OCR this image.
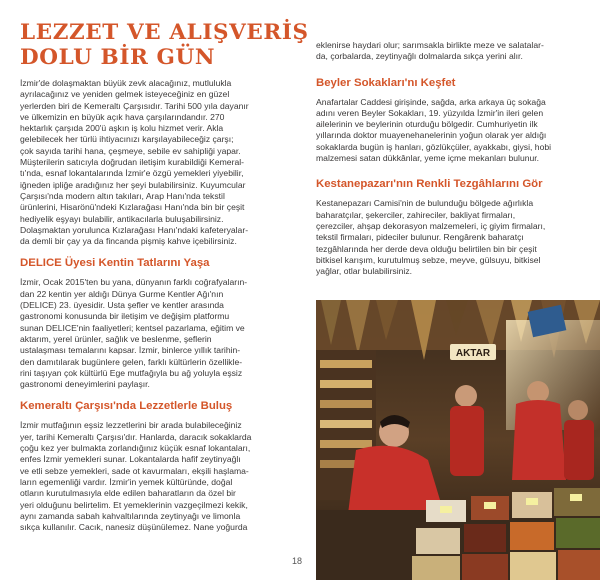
LEZZET VE ALIŞVERİŞ
DOLU BİR GÜN

İzmir'de dolaşmaktan büyük zevk alacağınız, mutlulukla
ayrılacağınız ve yeniden gelmek isteyeceğiniz en güzel
yerlerden biri de Kemeraltı Çarşısıdır. Tarihi 500 yıla dayanır
ve ülkemizin en büyük açık hava çarşılarındandır. 270
hektarlık çarşıda 200'ü aşkın iş kolu hizmet verir. Akla
gelebilecek her türlü ihtiyacınızı karşılayabileceğiz çarşı;
çok sayıda tarihi hana, çeşmeye, sebile ev sahipliği yapar.
Müşterilerin satıcıyla doğrudan iletişim kurabildiği Kemeral-
tı'nda, esnaf lokantalarında İzmir'e özgü yemekleri yiyebilir,
iğneden ipliğe aradığınız her şeyi bulabilirsiniz. Kuyumcular
Çarşısı'nda modern altın takıları, Arap Hanı'nda tekstil
ürünlerini, Hisarönü'ndeki Kızlarağası Hanı'nda bin bir çeşit
hediyelik eşyayı bulabilir, antikacılarla buluşabilirsiniz.
Dolaşmaktan yorulunca Kızlarağası Hanı'ndaki kafeteryalar-
da demli bir çay ya da fincanda pişmiş kahve içebilirsiniz.

DELICE Üyesi Kentin Tatlarını Yaşa

İzmir, Ocak 2015'ten bu yana, dünyanın farklı coğrafyaların-
dan 22 kentin yer aldığı Dünya Gurme Kentler Ağı'nın
(DELICE) 23. üyesidir. Usta şefler ve kentler arasında
gastronomi konusunda bir iletişim ve değişim platformu
sunan DELICE'nin faaliyetleri; kentsel pazarlama, eğitim ve
aktarım, yerel ürünler, sağlık ve beslenme, şeflerin
ustalaşması temalarını kapsar. İzmir, binlerce yıllık tarihin-
den damıtılarak bugünlere gelen, farklı kültürlerin özellikle-
rini taşıyan çok kültürlü Ege mutfağıyla bu ağ yoluyla eşsiz
gastronomi deneyimlerini paylaşır.

Kemeraltı Çarşısı'nda Lezzetlerle Buluş

İzmir mutfağının eşsiz lezzetlerini bir arada bulabileceğiniz
yer, tarihi Kemeraltı Çarşısı'dır. Hanlarda, daracık sokaklarda
çoğu kez yer bulmakta zorlandığınız küçük esnaf lokantaları,
enfes İzmir yemekleri sunar. Lokantalarda hafif zeytinyağlı
ve etli sebze yemekleri, sade ot kavurmaları, ekşili haşlama-
ların egemenliği vardır. İzmir'in yemek kültüründe, doğal
otların kurutulmasıyla elde edilen baharatların da özel bir
yeri olduğunu belirtelim. Et yemeklerinin vazgeçilmezi kekik,
aynı zamanda sabah kahvaltılarında zeytinyağı ve limonla
sıkça kullanılır. Cacık, nanesiz düşünülemez. Nane yoğurda

eklenirse haydari olur; sarımsakla birlikte meze ve salatalar-
da, çorbalarda, zeytinyağlı dolmalarda sıkça yerini alır.

Beyler Sokakları'nı Keşfet

Anafartalar Caddesi girişinde, sağda, arka arkaya üç sokağa
adını veren Beyler Sokakları, 19. yüzyılda İzmir'in ileri gelen
ailelerinin ve beylerinin oturduğu bölgedir. Cumhuriyetin ilk
yıllarında doktor muayenehanelerinin yoğun olarak yer aldığı
sokaklarda bugün iş hanları, gözlükçüler, ayakkabı, giysi, hobi
malzemesi satan dükkânlar, yeme içme mekanları bulunur.

Kestanepazarı'nın Renkli Tezgâhlarını Gör

Kestanepazarı Camisi'nin de bulunduğu bölgede ağırlıkla
baharatçılar, şekerciler, zahireciler, bakliyat firmaları,
çerezciler, ahşap dekorasyon malzemeleri, iç giyim firmaları,
tekstil firmaları, pideciler bulunur. Rengârenk baharatçı
tezgâhlarında her derde deva olduğu belirtilen bin bir çeşit
bitkisel karışım, kurutulmuş sebze, meyve, gülsuyu, bitkisel
yağlar, otlar bulabilirsiniz.

AKTAR
18
